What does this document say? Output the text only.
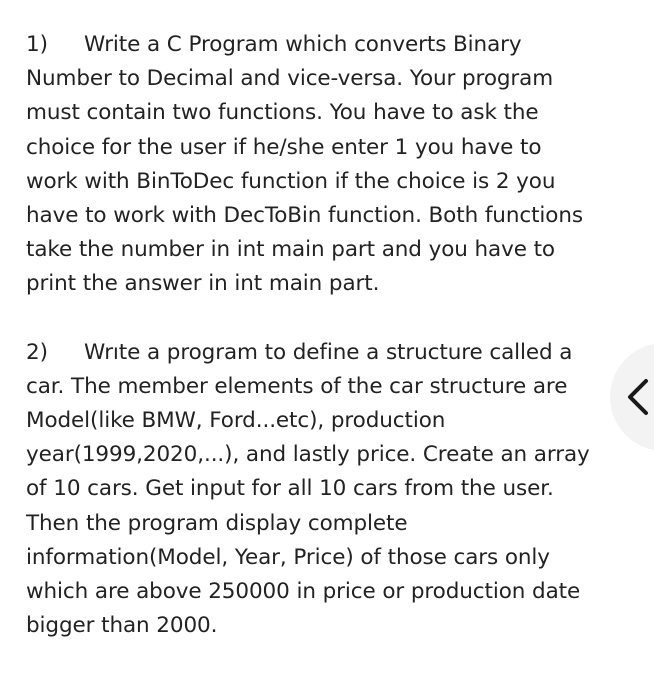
1) Write a C Program which converts Binary
Number to Decimal and vice-versa. Your program
must contain two functions. You have to ask the
choice for the user if he/she enter 1 you have to
work with BinToDec function if the choice is 2 you
have to work with DecToBin function. Both functions
take the number in int main part and you have to
print the answer in int main part.

2) Wrıte a program to define a structure called a
car. The member elements of the car structure are
Model(like BMW, Ford...etc), production
year(1999,2020,...), and lastly price. Create an array
of 10 cars. Get input for all 10 cars from the user.
Then the program display complete
information(Model, Year, Price) of those cars only
which are above 250000 in price or production date
bigger than 2000.
